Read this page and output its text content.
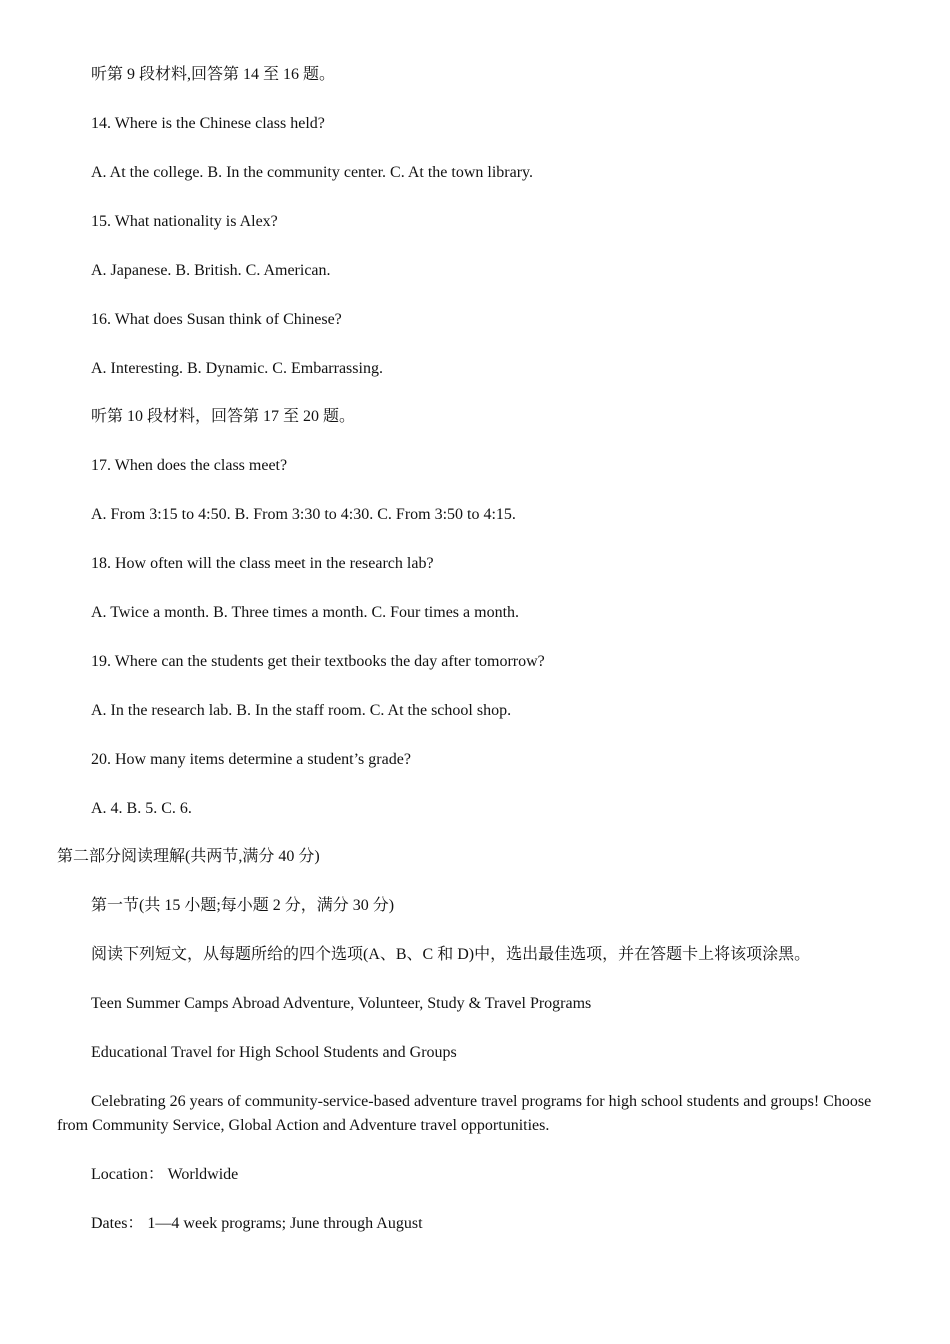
听第 9 段材料,回答第 14 至 16 题。
14. Where is the Chinese class held?
A. At the college. B. In the community center. C. At the town library.
15. What nationality is Alex?
A. Japanese. B. British. C. American.
16. What does Susan think of Chinese?
A. Interesting. B. Dynamic. C. Embarrassing.
听第 10 段材料，回答第 17 至 20 题。
17. When does the class meet?
A. From 3:15 to 4:50. B. From 3:30 to 4:30. C. From 3:50 to 4:15.
18. How often will the class meet in the research lab?
A. Twice a month. B. Three times a month. C. Four times a month.
19. Where can the students get their textbooks the day after tomorrow?
A. In the research lab. B. In the staff room. C. At the school shop.
20. How many items determine a student’s grade?
A. 4. B. 5. C. 6.
第二部分阅读理解(共两节,满分 40 分)
第一节(共 15 小题;每小题 2 分，满分 30 分)
阅读下列短文，从每题所给的四个选项(A、B、C 和 D)中，选出最佳选项，并在答题卡上将该项涂黑。
Teen Summer Camps Abroad Adventure, Volunteer, Study & Travel Programs
Educational Travel for High School Students and Groups
Celebrating 26 years of community-service-based adventure travel programs for high school students and groups! Choose from Community Service, Global Action and Adventure travel opportunities.
Location： Worldwide
Dates： 1—4 week programs; June through August
